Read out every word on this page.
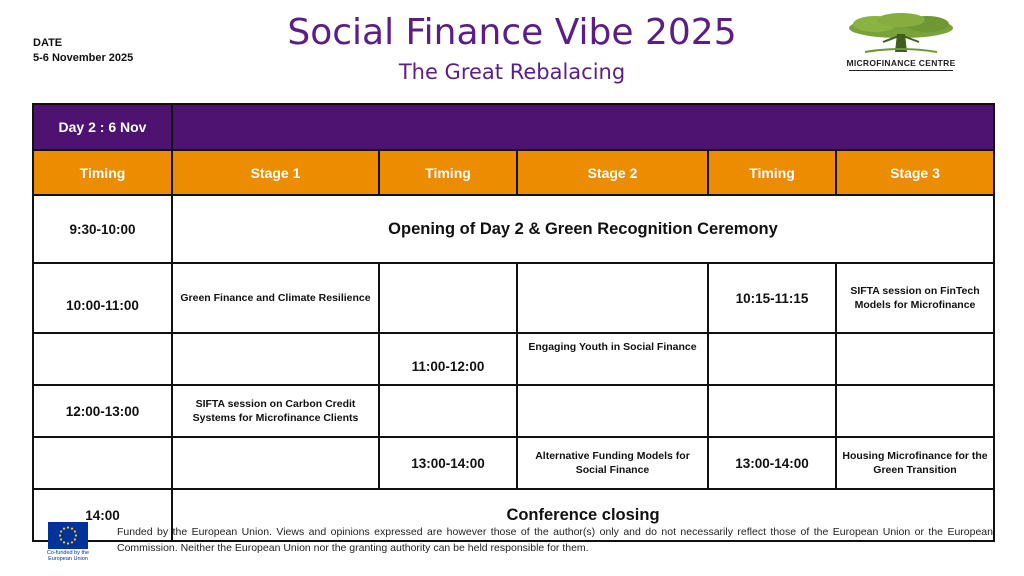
DATE
5-6 November 2025
Social Finance Vibe 2025
The Great Rebalacing	MICROFINANCE CENTRE
Day 2 : 6 Nov					
Timing	Stage 1	Timing	Stage 2	Timing	Stage 3
9:30-10:00	Opening of Day 2 & Green Recognition Ceremony				
10:00-11:00	Green Finance and Climate Resilience			10:15-11:15	SIFTA session on FinTech Models for Microfinance
		11:00-12:00	Engaging Youth in Social Finance		
12:00-13:00	SIFTA session on Carbon Credit Systems for Microfinance Clients				
		13:00-14:00	Alternative Funding Models for Social Finance	13:00-14:00	Housing Microfinance for the Green Transition
14:00	Conference closing				
Co-funded by the European Union
Funded by the European Union. Views and opinions expressed are however those of the author(s) only and do not necessarily reflect those of the European Union or the European Commission. Neither the European Union nor the granting authority can be held responsible for them.
